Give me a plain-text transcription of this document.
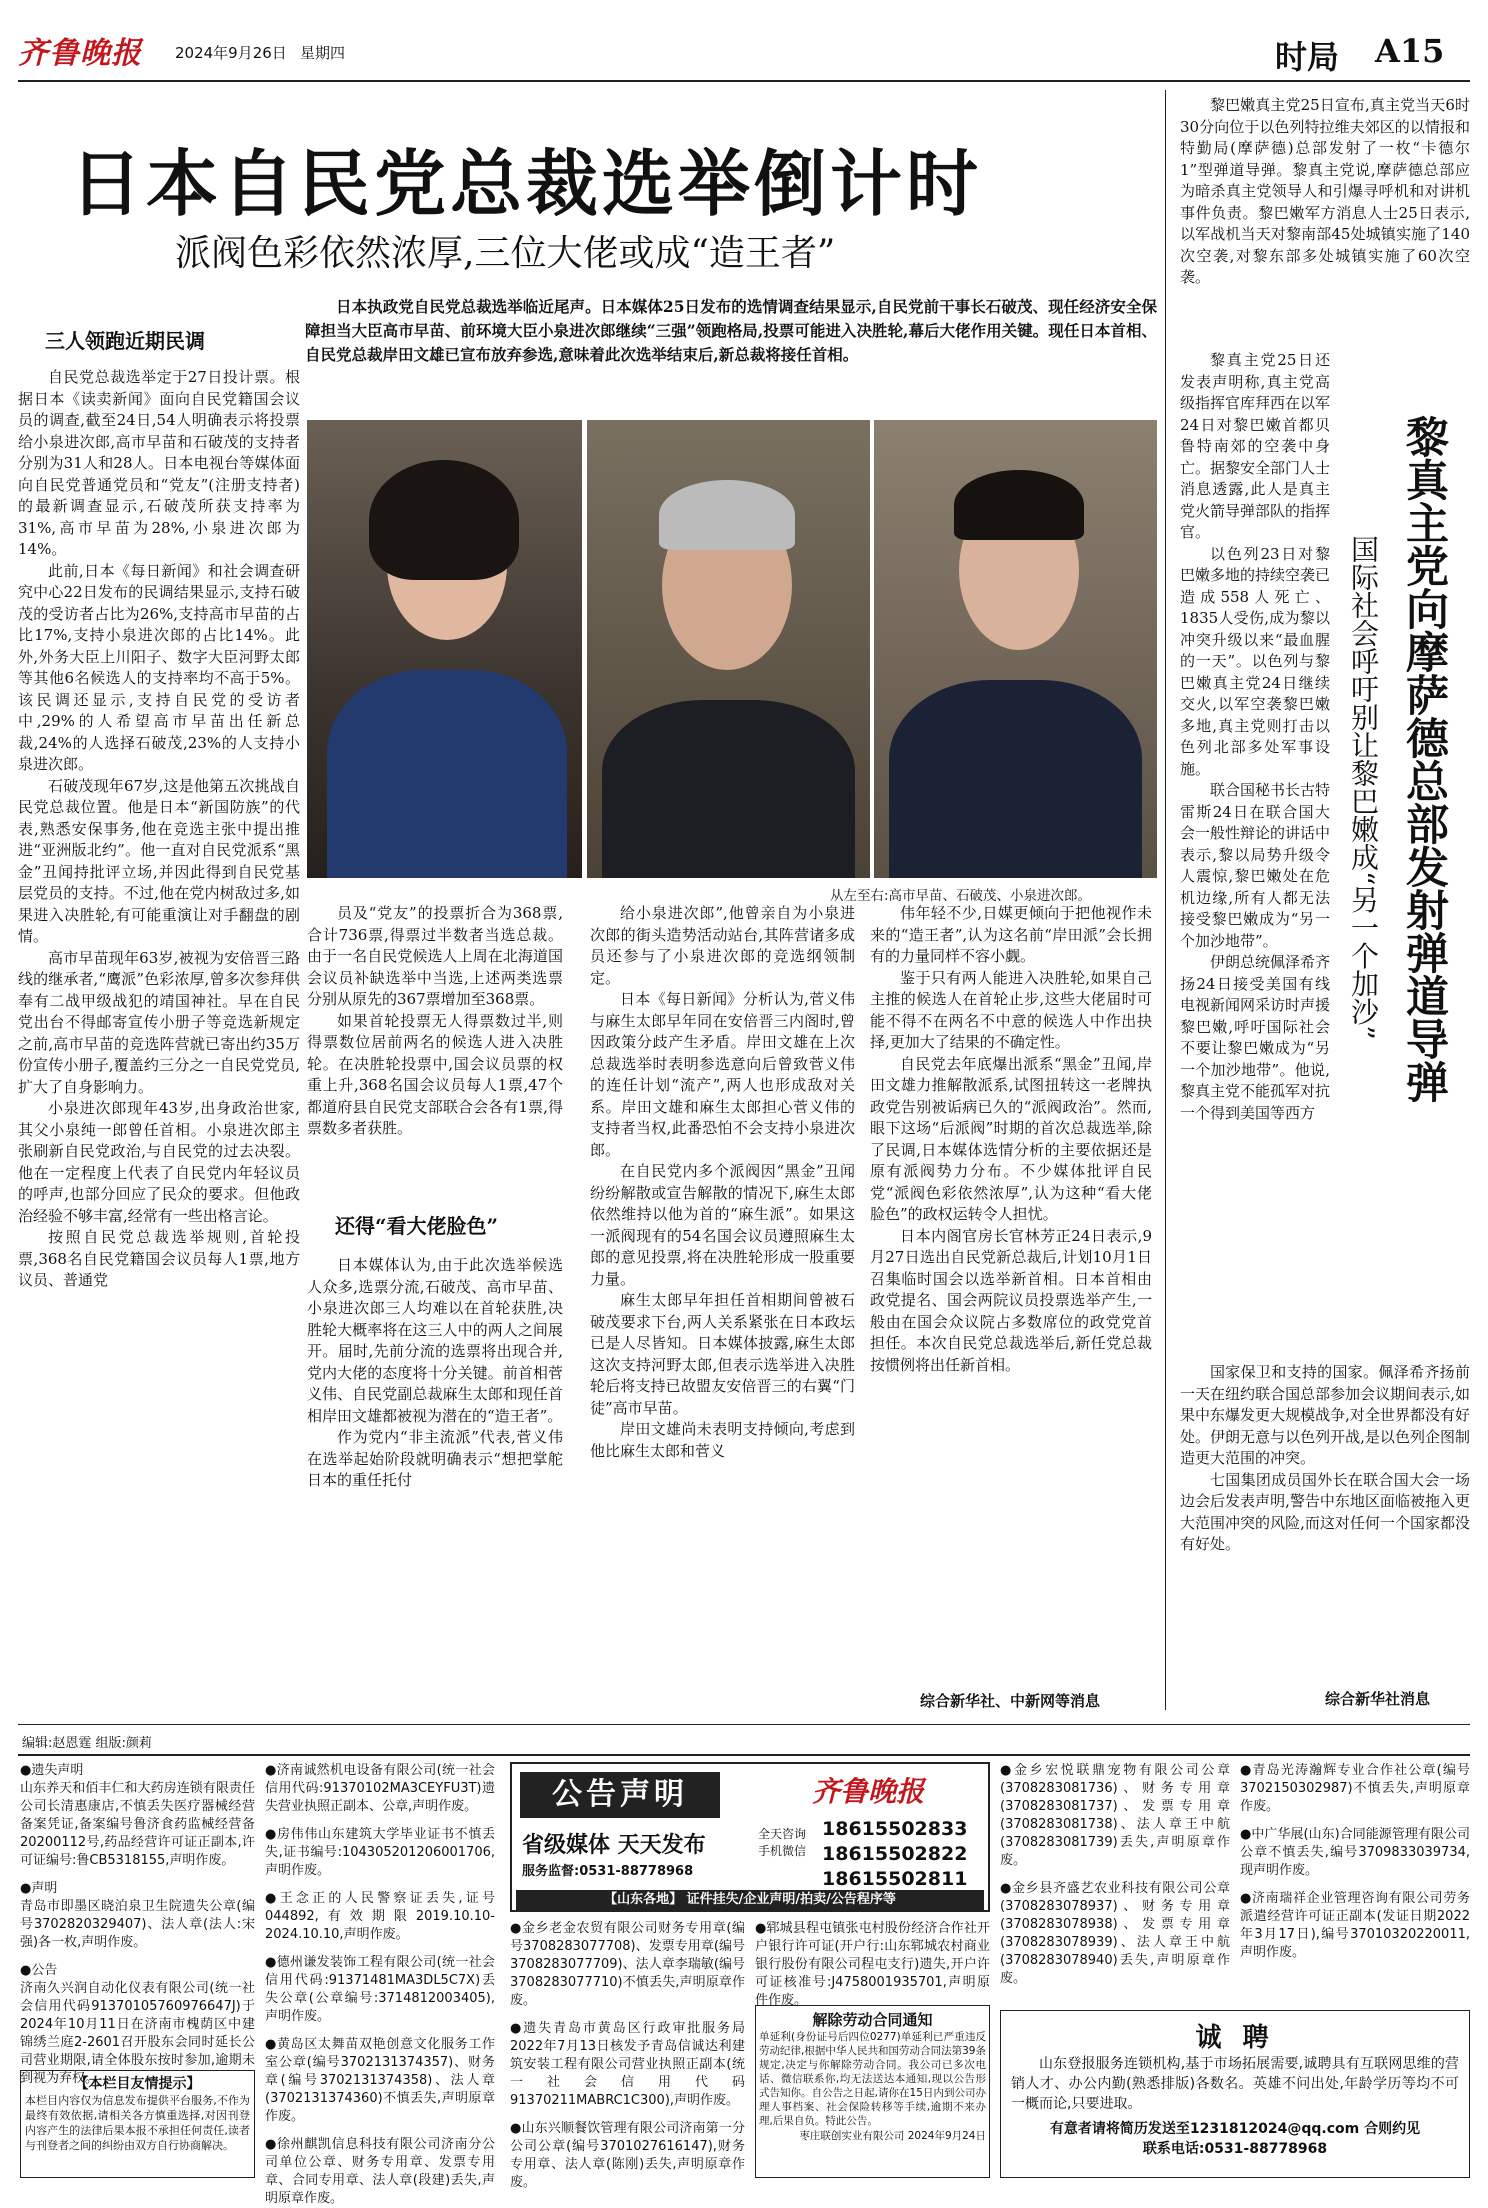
齐鲁晚报 2024年9月26日 星期四	时局 A15
日本自民党总裁选举倒计时
派阀色彩依然浓厚,三位大佬或成“造王者”

日本执政党自民党总裁选举临近尾声。日本媒体25日发布的选情调查结果显示,自民党前干事长石破茂、现任经济安全保障担当大臣高市早苗、前环境大臣小泉进次郎继续“三强”领跑格局,投票可能进入决胜轮,幕后大佬作用关键。现任日本首相、自民党总裁岸田文雄已宣布放弃参选,意味着此次选举结束后,新总裁将接任首相。

从左至右:高市早苗、石破茂、小泉进次郎。
三人领跑近期民调

自民党总裁选举定于27日投计票。根据日本《读卖新闻》面向自民党籍国会议员的调查,截至24日,54人明确表示将投票给小泉进次郎,高市早苗和石破茂的支持者分别为31人和28人。日本电视台等媒体面向自民党普通党员和“党友”(注册支持者)的最新调查显示,石破茂所获支持率为31%,高市早苗为28%,小泉进次郎为14%。

此前,日本《每日新闻》和社会调查研究中心22日发布的民调结果显示,支持石破茂的受访者占比为26%,支持高市早苗的占比17%,支持小泉进次郎的占比14%。此外,外务大臣上川阳子、数字大臣河野太郎等其他6名候选人的支持率均不高于5%。该民调还显示,支持自民党的受访者中,29%的人希望高市早苗出任新总裁,24%的人选择石破茂,23%的人支持小泉进次郎。

石破茂现年67岁,这是他第五次挑战自民党总裁位置。他是日本“新国防族”的代表,熟悉安保事务,他在竞选主张中提出推进“亚洲版北约”。他一直对自民党派系“黑金”丑闻持批评立场,并因此得到自民党基层党员的支持。不过,他在党内树敌过多,如果进入决胜轮,有可能重演让对手翻盘的剧情。

高市早苗现年63岁,被视为安倍晋三路线的继承者,“鹰派”色彩浓厚,曾多次参拜供奉有二战甲级战犯的靖国神社。早在自民党出台不得邮寄宣传小册子等竞选新规定之前,高市早苗的竞选阵营就已寄出约35万份宣传小册子,覆盖约三分之一自民党党员,扩大了自身影响力。

小泉进次郎现年43岁,出身政治世家,其父小泉纯一郎曾任首相。小泉进次郎主张刷新自民党政治,与自民党的过去决裂。他在一定程度上代表了自民党内年轻议员的呼声,也部分回应了民众的要求。但他政治经验不够丰富,经常有一些出格言论。

按照自民党总裁选举规则,首轮投票,368名自民党籍国会议员每人1票,地方议员、普通党

员及“党友”的投票折合为368票,合计736票,得票过半数者当选总裁。由于一名自民党候选人上周在北海道国会议员补缺选举中当选,上述两类选票分别从原先的367票增加至368票。

如果首轮投票无人得票数过半,则得票数位居前两名的候选人进入决胜轮。在决胜轮投票中,国会议员票的权重上升,368名国会议员每人1票,47个都道府县自民党支部联合会各有1票,得票数多者获胜。

还得“看大佬脸色”

日本媒体认为,由于此次选举候选人众多,选票分流,石破茂、高市早苗、小泉进次郎三人均难以在首轮获胜,决胜轮大概率将在这三人中的两人之间展开。届时,先前分流的选票将出现合并,党内大佬的态度将十分关键。前首相菅义伟、自民党副总裁麻生太郎和现任首相岸田文雄都被视为潜在的“造王者”。

作为党内“非主流派”代表,菅义伟在选举起始阶段就明确表示“想把掌舵日本的重任托付

给小泉进次郎”,他曾亲自为小泉进次郎的街头造势活动站台,其阵营诸多成员还参与了小泉进次郎的竞选纲领制定。

日本《每日新闻》分析认为,菅义伟与麻生太郎早年同在安倍晋三内阁时,曾因政策分歧产生矛盾。岸田文雄在上次总裁选举时表明参选意向后曾致菅义伟的连任计划“流产”,两人也形成敌对关系。岸田文雄和麻生太郎担心菅义伟的支持者当权,此番恐怕不会支持小泉进次郎。

在自民党内多个派阀因“黑金”丑闻纷纷解散或宣告解散的情况下,麻生太郎依然维持以他为首的“麻生派”。如果这一派阀现有的54名国会议员遵照麻生太郎的意见投票,将在决胜轮形成一股重要力量。

麻生太郎早年担任首相期间曾被石破茂要求下台,两人关系紧张在日本政坛已是人尽皆知。日本媒体披露,麻生太郎这次支持河野太郎,但表示选举进入决胜轮后将支持已故盟友安倍晋三的右翼“门徒”高市早苗。

岸田文雄尚未表明支持倾向,考虑到他比麻生太郎和菅义

伟年轻不少,日媒更倾向于把他视作未来的“造王者”,认为这名前“岸田派”会长拥有的力量同样不容小觑。

鉴于只有两人能进入决胜轮,如果自己主推的候选人在首轮止步,这些大佬届时可能不得不在两名不中意的候选人中作出抉择,更加大了结果的不确定性。

自民党去年底爆出派系“黑金”丑闻,岸田文雄力推解散派系,试图扭转这一老牌执政党告别被诟病已久的“派阀政治”。然而,眼下这场“后派阀”时期的首次总裁选举,除了民调,日本媒体选情分析的主要依据还是原有派阀势力分布。不少媒体批评自民党“派阀色彩依然浓厚”,认为这种“看大佬脸色”的政权运转令人担忧。

日本内阁官房长官林芳正24日表示,9月27日选出自民党新总裁后,计划10月1日召集临时国会以选举新首相。日本首相由政党提名、国会两院议员投票选举产生,一般由在国会众议院占多数席位的政党党首担任。本次自民党总裁选举后,新任党总裁按惯例将出任新首相。

综合新华社、中新网等消息

黎巴嫩真主党25日宣布,真主党当天6时30分向位于以色列特拉维夫郊区的以情报和特勤局(摩萨德)总部发射了一枚“卡德尔1”型弹道导弹。黎真主党说,摩萨德总部应为暗杀真主党领导人和引爆寻呼机和对讲机事件负责。黎巴嫩军方消息人士25日表示,以军战机当天对黎南部45处城镇实施了140次空袭,对黎东部多处城镇实施了60次空袭。

黎真主党25日还发表声明称,真主党高级指挥官库拜西在以军24日对黎巴嫩首都贝鲁特南郊的空袭中身亡。据黎安全部门人士消息透露,此人是真主党火箭导弹部队的指挥官。

以色列23日对黎巴嫩多地的持续空袭已造成558人死亡、1835人受伤,成为黎以冲突升级以来“最血腥的一天”。以色列与黎巴嫩真主党24日继续交火,以军空袭黎巴嫩多地,真主党则打击以色列北部多处军事设施。

联合国秘书长古特雷斯24日在联合国大会一般性辩论的讲话中表示,黎以局势升级令人震惊,黎巴嫩处在危机边缘,所有人都无法接受黎巴嫩成为“另一个加沙地带”。

伊朗总统佩泽希齐扬24日接受美国有线电视新闻网采访时声援黎巴嫩,呼吁国际社会不要让黎巴嫩成为“另一个加沙地带”。他说,黎真主党不能孤军对抗一个得到美国等西方

黎真主党向摩萨德总部发射弹道导弹
国际社会呼吁别让黎巴嫩成“另一个加沙”

国家保卫和支持的国家。佩泽希齐扬前一天在纽约联合国总部参加会议期间表示,如果中东爆发更大规模战争,对全世界都没有好处。伊朗无意与以色列开战,是以色列企图制造更大范围的冲突。

七国集团成员国外长在联合国大会一场边会后发表声明,警告中东地区面临被拖入更大范围冲突的风险,而这对任何一个国家都没有好处。

综合新华社消息
编辑:赵恩霆 组版:颜莉

●遗失声明

山东养天和佰丰仁和大药房连锁有限责任公司长清惠康店,不慎丢失医疗器械经营备案凭证,备案编号鲁济食药监械经营备20200112号,药品经营许可证正副本,许可证编号:鲁CB5318155,声明作废。

●声明

青岛市即墨区晓泊泉卫生院遗失公章(编号3702820329407)、法人章(法人:宋强)各一枚,声明作废。

●公告

济南久兴润自动化仪表有限公司(统一社会信用代码91370105760976647J)于2024年10月11日在济南市槐荫区中建锦绣兰庭2-2601召开股东会同时延长公司营业期限,请全体股东按时参加,逾期未到视为弃权。

【本栏目友情提示】

本栏目内容仅为信息发布提供平台服务,不作为最终有效依据,请相关各方慎重选择,对因刊登内容产生的法律后果本报不承担任何责任,读者与刊登者之间的纠纷由双方自行协商解决。

●济南诚然机电设备有限公司(统一社会信用代码:91370102MA3CEYFU3T)遗失营业执照正副本、公章,声明作废。

●房伟伟山东建筑大学毕业证书不慎丢失,证书编号:104305201206001706,声明作废。

●王念正的人民警察证丢失,证号044892,有效期限2019.10.10-2024.10.10,声明作废。

●德州谦发装饰工程有限公司(统一社会信用代码:91371481MA3DL5C7X)丢失公章(公章编号:3714812003405),声明作废。

●黄岛区太舞苗双艳创意文化服务工作室公章(编号3702131374357)、财务章(编号3702131374358)、法人章(3702131374360)不慎丢失,声明原章作废。

●徐州麒凯信息科技有限公司济南分公司单位公章、财务专用章、发票专用章、合同专用章、法人章(段建)丢失,声明原章作废。

公告声明	齐鲁晚报
省级媒体 天天发布
服务监督:0531-88778968
全天咨询 手机微信
18615502833
18615502822
18615502811
【山东各地】 证件挂失/企业声明/拍卖/公告程序等

●金乡老金农贸有限公司财务专用章(编号3708283077708)、发票专用章(编号3708283077709)、法人章李瑞敏(编号3708283077710)不慎丢失,声明原章作废。

●遗失青岛市黄岛区行政审批服务局2022年7月13日核发予青岛信诚达利建筑安装工程有限公司营业执照正副本(统一社会信用代码91370211MABRC1C300),声明作废。

●山东兴顺餐饮管理有限公司济南第一分公司公章(编号3701027616147),财务专用章、法人章(陈刚)丢失,声明原章作废。

●郓城县程屯镇张屯村股份经济合作社开户银行许可证(开户行:山东郓城农村商业银行股份有限公司程屯支行)遗失,开户许可证核准号:J4758001935701,声明原件作废。

解除劳动合同通知

单延利(身份证号后四位0277)单延利已严重违反劳动纪律,根据中华人民共和国劳动合同法第39条规定,决定与你解除劳动合同。我公司已多次电话、微信联系你,均无法送达本通知,现以公告形式告知你。自公告之日起,请你在15日内到公司办理人事档案、社会保险转移等手续,逾期不来办理,后果自负。特此公告。

枣庄联创实业有限公司 2024年9月24日

●金乡宏悦联鼎宠物有限公司公章(3708283081736)、财务专用章(3708283081737)、发票专用章(3708283081738)、法人章王中航(3708283081739)丢失,声明原章作废。

●金乡县齐盛艺农业科技有限公司公章(3708283078937)、财务专用章(3708283078938)、发票专用章(3708283078939)、法人章王中航(3708283078940)丢失,声明原章作废。

●青岛光涛瀚辉专业合作社公章(编号3702150302987)不慎丢失,声明原章作废。

●中广华展(山东)合同能源管理有限公司公章不慎丢失,编号3709833039734,现声明作废。

●济南瑞祥企业管理咨询有限公司劳务派遣经营许可证正副本(发证日期2022年3月17日),编号37010320220011,声明作废。

诚 聘

山东登报服务连锁机构,基于市场拓展需要,诚聘具有互联网思维的营销人才、办公内勤(熟悉排版)各数名。英雄不问出处,年龄学历等均不可一概而论,只要进取。

有意者请将简历发送至1231812024@qq.com 合则约见

联系电话:0531-88778968
